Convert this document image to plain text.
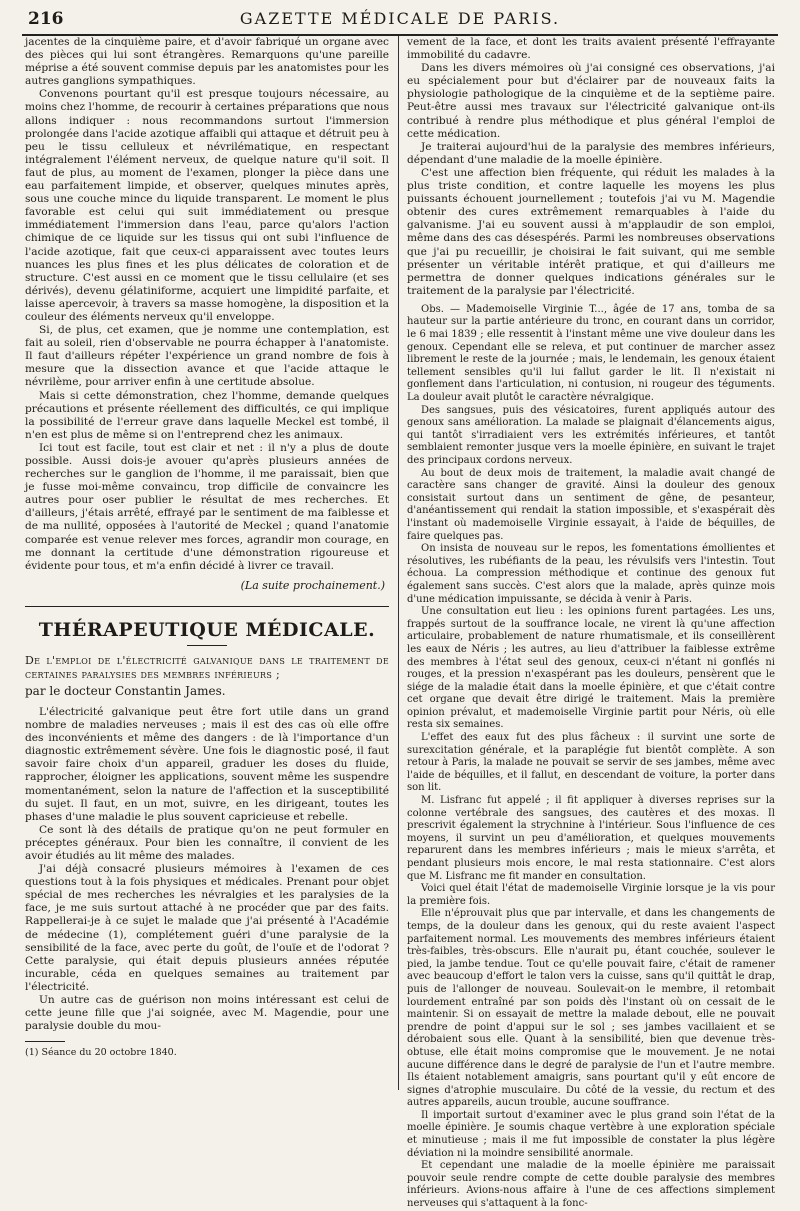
216	GAZETTE MÉDICALE DE PARIS.

jacentes de la cinquième paire, et d'avoir fabriqué un organe avec des pièces qui lui sont étrangères. Remarquons qu'une pareille méprise a été souvent commise depuis par les anatomistes pour les autres ganglions sympathiques.

Convenons pourtant qu'il est presque toujours nécessaire, au moins chez l'homme, de recourir à certaines préparations que nous allons indiquer : nous recommandons surtout l'immersion prolongée dans l'acide azotique affaibli qui attaque et détruit peu à peu le tissu celluleux et névrilématique, en respectant intégralement l'élément nerveux, de quelque nature qu'il soit. Il faut de plus, au moment de l'examen, plonger la pièce dans une eau parfaitement limpide, et observer, quelques minutes après, sous une couche mince du liquide transparent. Le moment le plus favorable est celui qui suit immédiatement ou presque immédiatement l'immersion dans l'eau, parce qu'alors l'action chimique de ce liquide sur les tissus qui ont subi l'influence de l'acide azotique, fait que ceux-ci apparaissent avec toutes leurs nuances les plus fines et les plus délicates de coloration et de structure. C'est aussi en ce moment que le tissu cellulaire (et ses dérivés), devenu gélatiniforme, acquiert une limpidité parfaite, et laisse apercevoir, à travers sa masse homogène, la disposition et la couleur des éléments nerveux qu'il enveloppe.

Si, de plus, cet examen, que je nomme une contemplation, est fait au soleil, rien d'observable ne pourra échapper à l'anatomiste. Il faut d'ailleurs répéter l'expérience un grand nombre de fois à mesure que la dissection avance et que l'acide attaque le névrilème, pour arriver enfin à une certitude absolue.

Mais si cette démonstration, chez l'homme, demande quelques précautions et présente réellement des difficultés, ce qui implique la possibilité de l'erreur grave dans laquelle Meckel est tombé, il n'en est plus de même si on l'entreprend chez les animaux.

Ici tout est facile, tout est clair et net : il n'y a plus de doute possible. Aussi dois-je avouer qu'après plusieurs années de recherches sur le ganglion de l'homme, il me paraissait, bien que je fusse moi-même convaincu, trop difficile de convaincre les autres pour oser publier le résultat de mes recherches. Et d'ailleurs, j'étais arrêté, effrayé par le sentiment de ma faiblesse et de ma nullité, opposées à l'autorité de Meckel ; quand l'anatomie comparée est venue relever mes forces, agrandir mon courage, en me donnant la certitude d'une démonstration rigoureuse et évidente pour tous, et m'a enfin décidé à livrer ce travail.

(La suite prochainement.)
THÉRAPEUTIQUE MÉDICALE.

De l'emploi de l'électricité galvanique dans le traitement de certaines paralysies des membres inférieurs ;

par le docteur Constantin James.

L'électricité galvanique peut être fort utile dans un grand nombre de maladies nerveuses ; mais il est des cas où elle offre des inconvénients et même des dangers : de là l'importance d'un diagnostic extrêmement sévère. Une fois le diagnostic posé, il faut savoir faire choix d'un appareil, graduer les doses du fluide, rapprocher, éloigner les applications, souvent même les suspendre momentanément, selon la nature de l'affection et la susceptibilité du sujet. Il faut, en un mot, suivre, en les dirigeant, toutes les phases d'une maladie le plus souvent capricieuse et rebelle.

Ce sont là des détails de pratique qu'on ne peut formuler en préceptes généraux. Pour bien les connaître, il convient de les avoir étudiés au lit même des malades.

J'ai déjà consacré plusieurs mémoires à l'examen de ces questions tout à la fois physiques et médicales. Prenant pour objet spécial de mes recherches les névralgies et les paralysies de la face, je me suis surtout attaché à ne procéder que par des faits. Rappellerai-je à ce sujet le malade que j'ai présenté à l'Académie de médecine (1), complétement guéri d'une paralysie de la sensibilité de la face, avec perte du goût, de l'ouïe et de l'odorat ? Cette paralysie, qui était depuis plusieurs années réputée incurable, céda en quelques semaines au traitement par l'électricité.

Un autre cas de guérison non moins intéressant est celui de cette jeune fille que j'ai soignée, avec M. Magendie, pour une paralysie double du mou-

(1) Séance du 20 octobre 1840.

vement de la face, et dont les traits avaient présenté l'effrayante immobilité du cadavre.

Dans les divers mémoires où j'ai consigné ces observations, j'ai eu spécialement pour but d'éclairer par de nouveaux faits la physiologie pathologique de la cinquième et de la septième paire. Peut-être aussi mes travaux sur l'électricité galvanique ont-ils contribué à rendre plus méthodique et plus général l'emploi de cette médication.

Je traiterai aujourd'hui de la paralysie des membres inférieurs, dépendant d'une maladie de la moelle épinière.

C'est une affection bien fréquente, qui réduit les malades à la plus triste condition, et contre laquelle les moyens les plus puissants échouent journellement ; toutefois j'ai vu M. Magendie obtenir des cures extrêmement remarquables à l'aide du galvanisme. J'ai eu souvent aussi à m'applaudir de son emploi, même dans des cas désespérés. Parmi les nombreuses observations que j'ai pu recueillir, je choisirai le fait suivant, qui me semble présenter un véritable intérêt pratique, et qui d'ailleurs me permettra de donner quelques indications générales sur le traitement de la paralysie par l'électricité.

Obs. — Mademoiselle Virginie T..., âgée de 17 ans, tomba de sa hauteur sur la partie antérieure du tronc, en courant dans un corridor, le 6 mai 1839 ; elle ressentit à l'instant même une vive douleur dans les genoux. Cependant elle se releva, et put continuer de marcher assez librement le reste de la journée ; mais, le lendemain, les genoux étaient tellement sensibles qu'il lui fallut garder le lit. Il n'existait ni gonflement dans l'articulation, ni contusion, ni rougeur des téguments. La douleur avait plutôt le caractère névralgique.

Des sangsues, puis des vésicatoires, furent appliqués autour des genoux sans amélioration. La malade se plaignait d'élancements aigus, qui tantôt s'irradiaient vers les extrémités inférieures, et tantôt semblaient remonter jusque vers la moelle épinière, en suivant le trajet des principaux cordons nerveux.

Au bout de deux mois de traitement, la maladie avait changé de caractère sans changer de gravité. Ainsi la douleur des genoux consistait surtout dans un sentiment de gêne, de pesanteur, d'anéantissement qui rendait la station impossible, et s'exaspérait dès l'instant où mademoiselle Virginie essayait, à l'aide de béquilles, de faire quelques pas.

On insista de nouveau sur le repos, les fomentations émollientes et résolutives, les rubéfiants de la peau, les révulsifs vers l'intestin. Tout échoua. La compression méthodique et continue des genoux fut également sans succès. C'est alors que la malade, après quinze mois d'une médication impuissante, se décida à venir à Paris.

Une consultation eut lieu : les opinions furent partagées. Les uns, frappés surtout de la souffrance locale, ne virent là qu'une affection articulaire, probablement de nature rhumatismale, et ils conseillèrent les eaux de Néris ; les autres, au lieu d'attribuer la faiblesse extrême des membres à l'état seul des genoux, ceux-ci n'étant ni gonflés ni rouges, et la pression n'exaspérant pas les douleurs, pensèrent que le siége de la maladie était dans la moelle épinière, et que c'était contre cet organe que devait être dirigé le traitement. Mais la première opinion prévalut, et mademoiselle Virginie partit pour Néris, où elle resta six semaines.

L'effet des eaux fut des plus fâcheux : il survint une sorte de surexcitation générale, et la paraplégie fut bientôt complète. A son retour à Paris, la malade ne pouvait se servir de ses jambes, même avec l'aide de béquilles, et il fallut, en descendant de voiture, la porter dans son lit.

M. Lisfranc fut appelé ; il fit appliquer à diverses reprises sur la colonne vertébrale des sangsues, des cautères et des moxas. Il prescrivit également la strychnine à l'intérieur. Sous l'influence de ces moyens, il survint un peu d'amélioration, et quelques mouvements reparurent dans les membres inférieurs ; mais le mieux s'arrêta, et pendant plusieurs mois encore, le mal resta stationnaire. C'est alors que M. Lisfranc me fit mander en consultation.

Voici quel était l'état de mademoiselle Virginie lorsque je la vis pour la première fois.

Elle n'éprouvait plus que par intervalle, et dans les changements de temps, de la douleur dans les genoux, qui du reste avaient l'aspect parfaitement normal. Les mouvements des membres inférieurs étaient très-faibles, très-obscurs. Elle n'aurait pu, étant couchée, soulever le pied, la jambe tendue. Tout ce qu'elle pouvait faire, c'était de ramener avec beaucoup d'effort le talon vers la cuisse, sans qu'il quittât le drap, puis de l'allonger de nouveau. Soulevait-on le membre, il retombait lourdement entraîné par son poids dès l'instant où on cessait de le maintenir. Si on essayait de mettre la malade debout, elle ne pouvait prendre de point d'appui sur le sol ; ses jambes vacillaient et se dérobaient sous elle. Quant à la sensibilité, bien que devenue très-obtuse, elle était moins compromise que le mouvement. Je ne notai aucune différence dans le degré de paralysie de l'un et l'autre membre. Ils étaient notablement amaigris, sans pourtant qu'il y eût encore de signes d'atrophie musculaire. Du côté de la vessie, du rectum et des autres appareils, aucun trouble, aucune souffrance.

Il importait surtout d'examiner avec le plus grand soin l'état de la moelle épinière. Je soumis chaque vertèbre à une exploration spéciale et minutieuse ; mais il me fut impossible de constater la plus légère déviation ni la moindre sensibilité anormale.

Et cependant une maladie de la moelle épinière me paraissait pouvoir seule rendre compte de cette double paralysie des membres inférieurs. Avions-nous affaire à l'une de ces affections simplement nerveuses qui s'attaquent à la fonc-
